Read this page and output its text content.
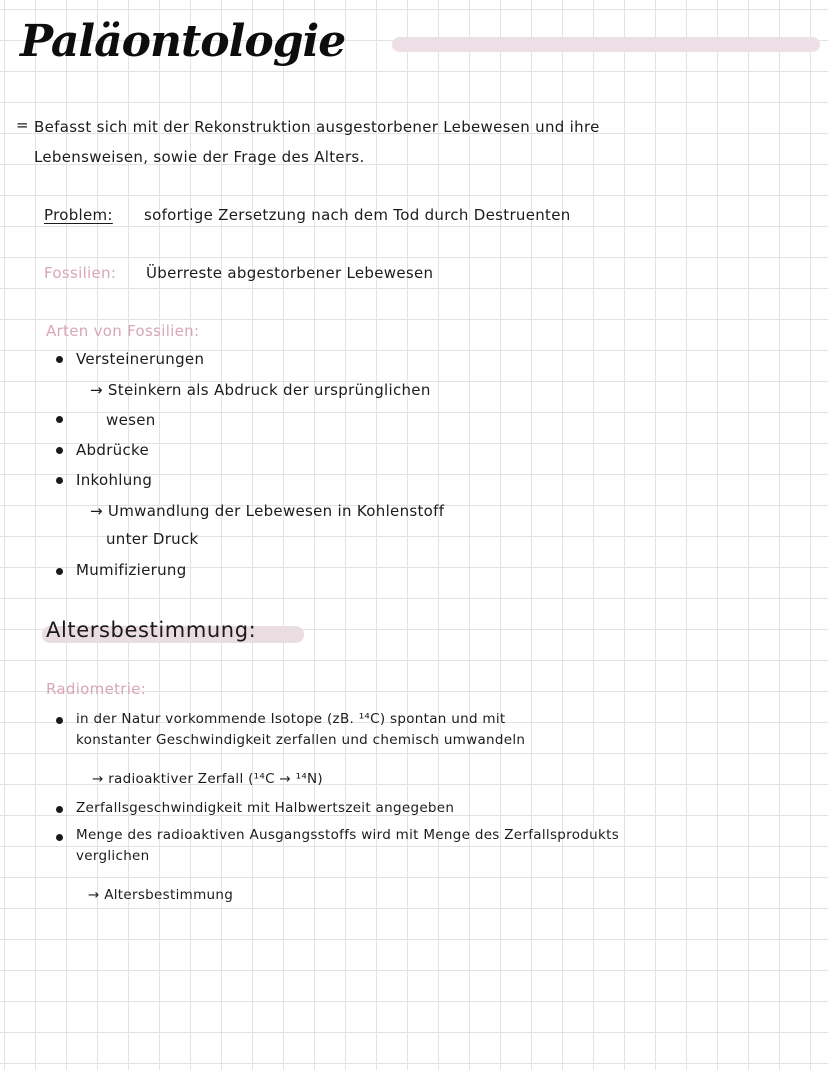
Paläontologie
= Befasst sich mit der Rekonstruktion ausgestorbener Lebewesen und ihre
Lebensweisen, sowie der Frage des Alters.
Problem: sofortige Zersetzung nach dem Tod durch Destruenten
Fossilien: Überreste abgestorbener Lebewesen
Arten von Fossilien:
Versteinerungen
→ Steinkern als Abdruck der ursprünglichen
wesen
Abdrücke
Inkohlung
→ Umwandlung der Lebewesen in Kohlenstoff
unter Druck
Mumifizierung
Altersbestimmung:
Radiometrie:
in der Natur vorkommende Isotope (zB. ¹⁴C) spontan und mit
konstanter Geschwindigkeit zerfallen und chemisch umwandeln
→ radioaktiver Zerfall (¹⁴C → ¹⁴N)
Zerfallsgeschwindigkeit mit Halbwertszeit angegeben
Menge des radioaktiven Ausgangsstoffs wird mit Menge des Zerfallsprodukts
verglichen
→ Altersbestimmung
